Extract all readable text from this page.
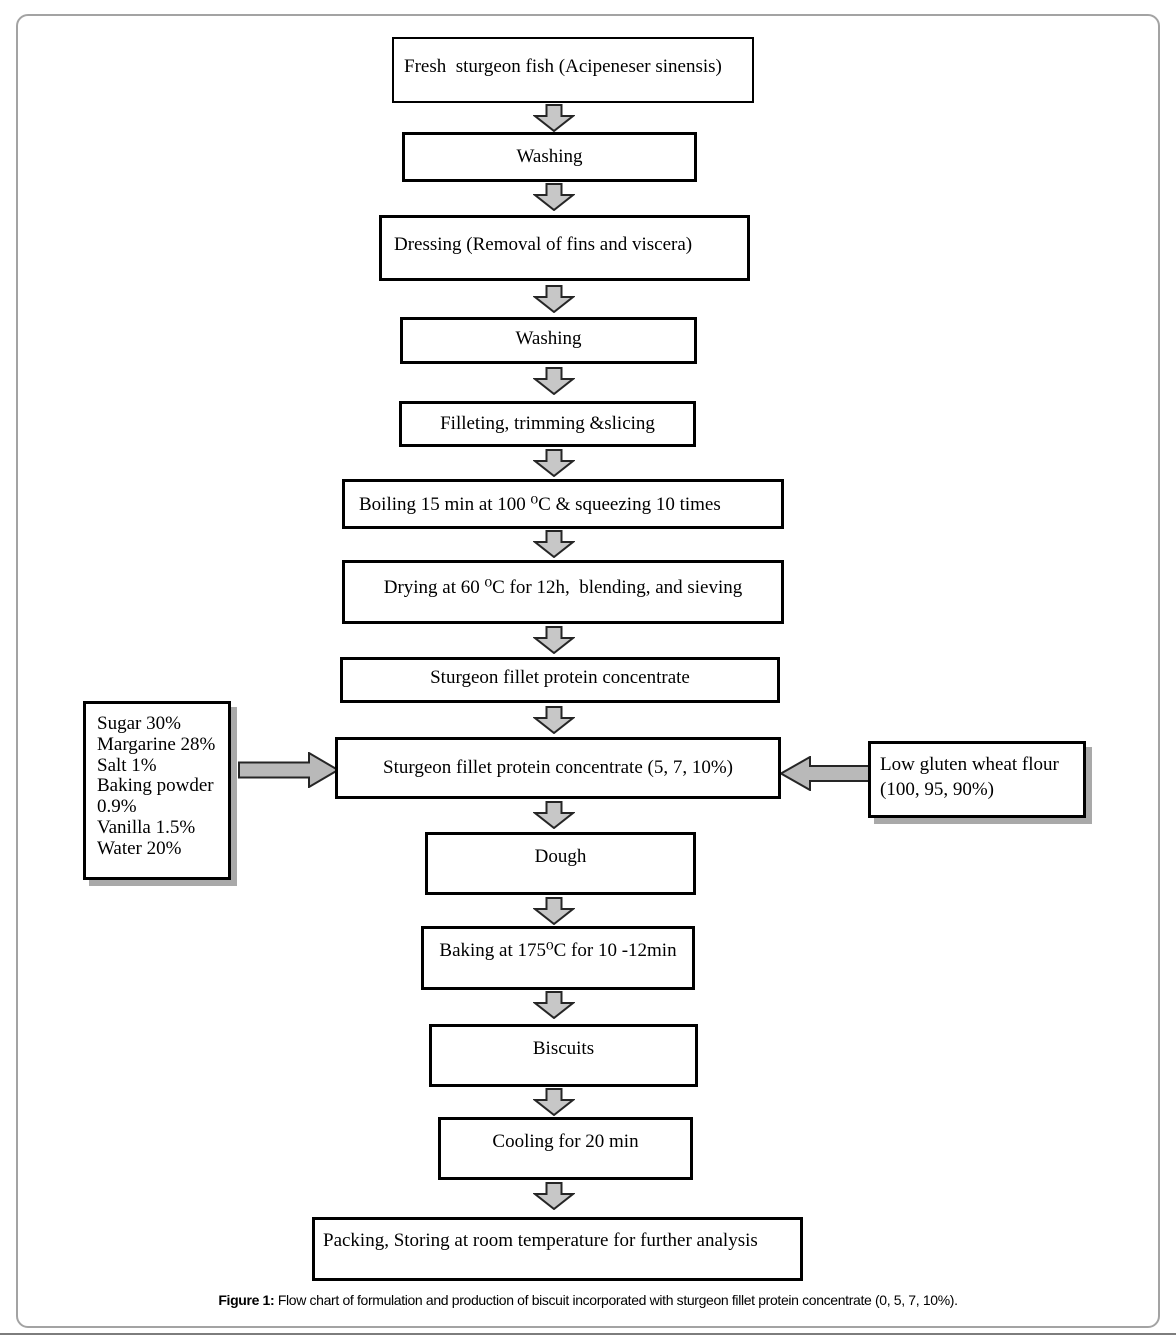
Fresh  sturgeon fish (Acipeneser sinensis)
Washing
Dressing (Removal of fins and viscera)
Washing
Filleting, trimming &slicing
Boiling 15 min at 100 ⁰C & squeezing 10 times
Drying at 60 ⁰C for 12h,  blending, and sieving
Sturgeon fillet protein concentrate
Sturgeon fillet protein concentrate (5, 7, 10%)
Dough
Baking at 175⁰C for 10 -12min
Biscuits
Cooling for 20 min
Packing, Storing at room temperature for further analysis
Sugar 30%
Margarine 28%
Salt 1%
Baking powder
0.9%
Vanilla 1.5%
Water 20%
Low gluten wheat flour
(100, 95, 90%)
Figure 1: Flow chart of formulation and production of biscuit incorporated with sturgeon fillet protein concentrate (0, 5, 7, 10%).
